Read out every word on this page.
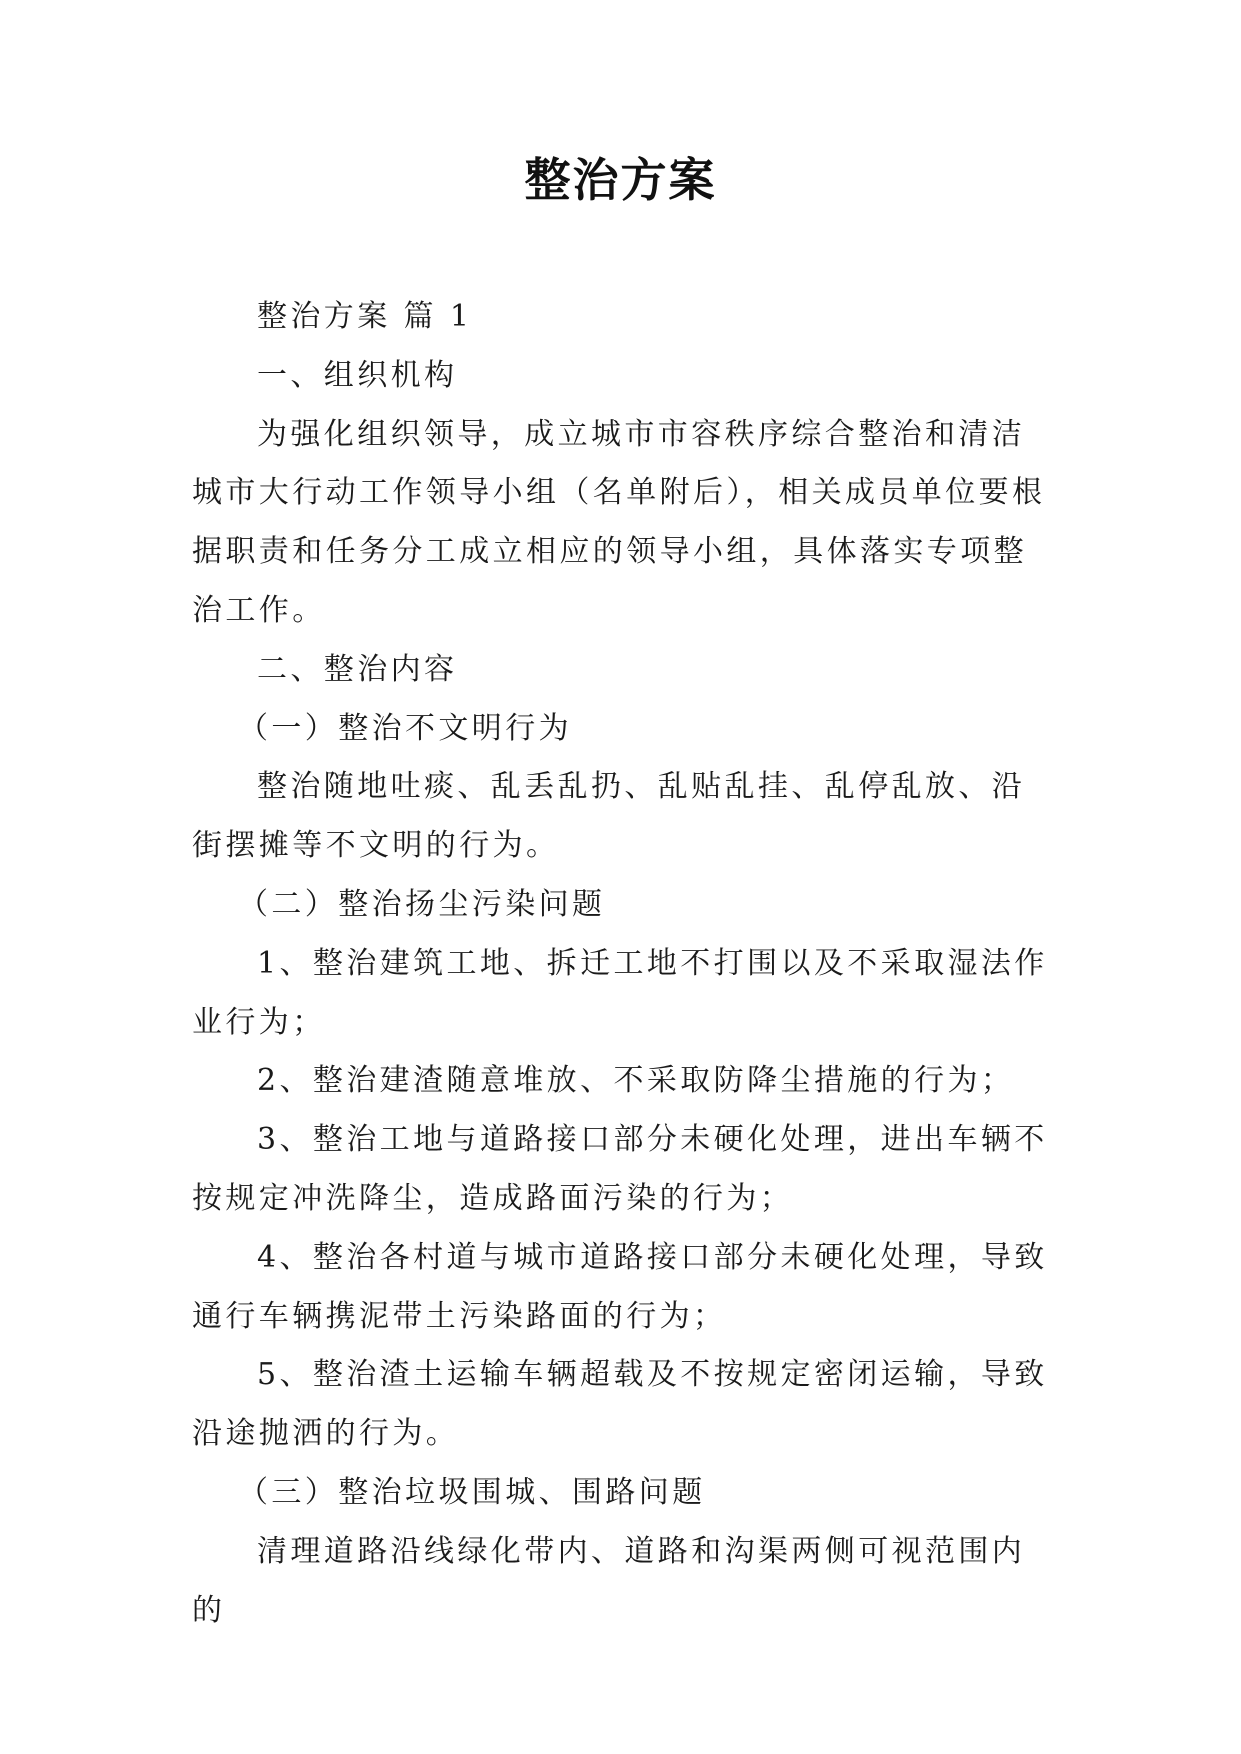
整治方案

整治方案 篇 1

一、组织机构

为强化组织领导，成立城市市容秩序综合整治和清洁城市大行动工作领导小组（名单附后），相关成员单位要根据职责和任务分工成立相应的领导小组，具体落实专项整治工作。

二、整治内容

（一）整治不文明行为

整治随地吐痰、乱丢乱扔、乱贴乱挂、乱停乱放、沿街摆摊等不文明的行为。

（二）整治扬尘污染问题

1、整治建筑工地、拆迁工地不打围以及不采取湿法作业行为；

2、整治建渣随意堆放、不采取防降尘措施的行为；

3、整治工地与道路接口部分未硬化处理，进出车辆不按规定冲洗降尘，造成路面污染的行为；

4、整治各村道与城市道路接口部分未硬化处理，导致通行车辆携泥带土污染路面的行为；

5、整治渣土运输车辆超载及不按规定密闭运输，导致沿途抛洒的行为。

（三）整治垃圾围城、围路问题

清理道路沿线绿化带内、道路和沟渠两侧可视范围内的
